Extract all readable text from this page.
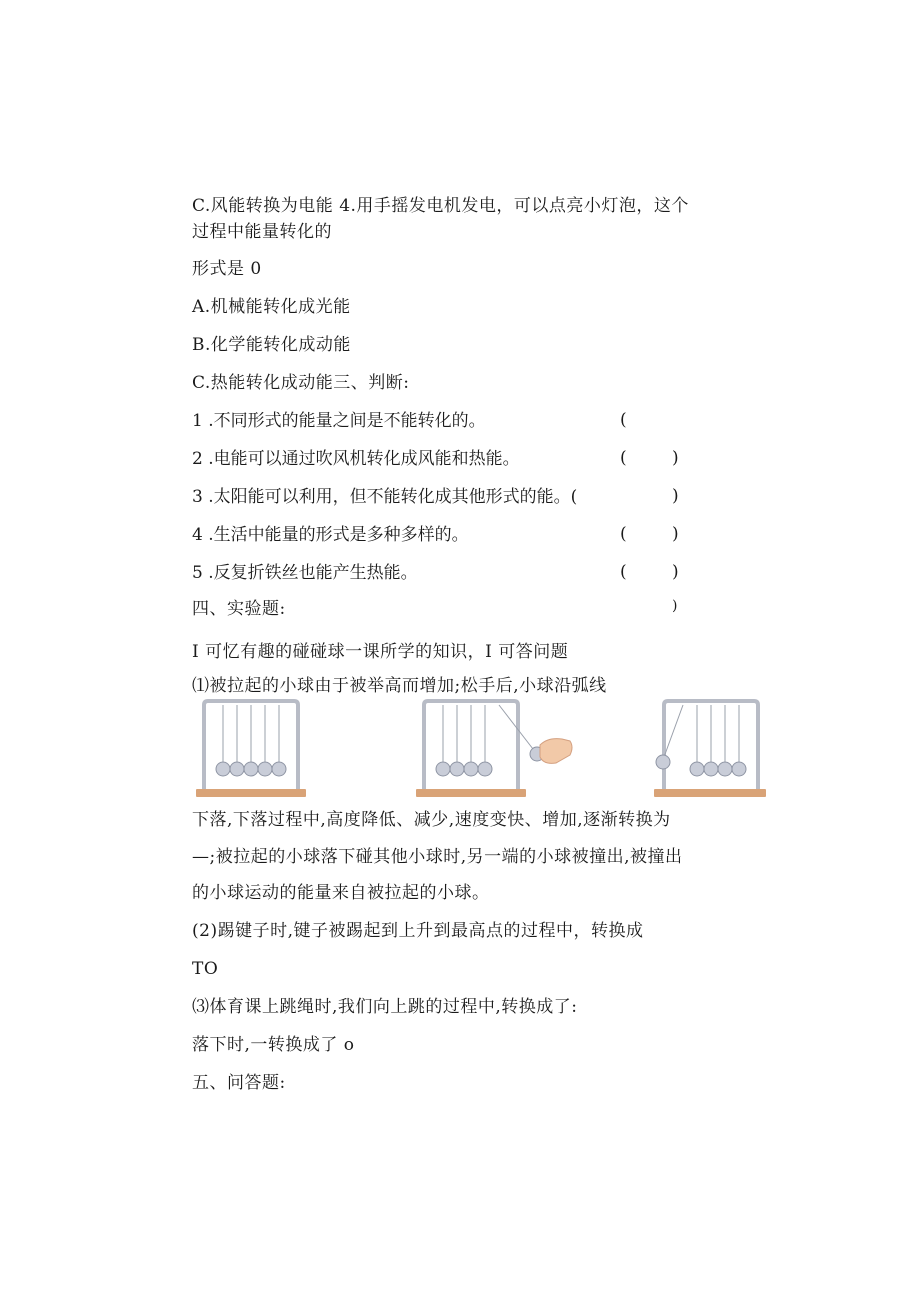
C.风能转换为电能 4.用手摇发电机发电，可以点亮小灯泡，这个
过程中能量转化的
形式是 0
A.机械能转化成光能
B.化学能转化成动能
C.热能转化成动能三、判断:
1 .不同形式的能量之间是不能转化的。	(
2 .电能可以通过吹风机转化成风能和热能。	(	)
3 .太阳能可以利用，但不能转化成其他形式的能。(	)
4 .生活中能量的形式是多种多样的。	(	)
5 .反复折铁丝也能产生热能。	(	)
四、实验题:	)
I 可忆有趣的碰碰球一课所学的知识，I 可答问题
⑴被拉起的小球由于被举高而增加;松手后,小球沿弧线
下落,下落过程中,高度降低、减少,速度变快、增加,逐渐转换为
—;被拉起的小球落下碰其他小球时,另一端的小球被撞出,被撞出
的小球运动的能量来自被拉起的小球。
(2)踢键子时,键子被踢起到上升到最高点的过程中，转换成
TO
⑶体育课上跳绳时,我们向上跳的过程中,转换成了:
落下时,一转换成了 o
五、问答题:
